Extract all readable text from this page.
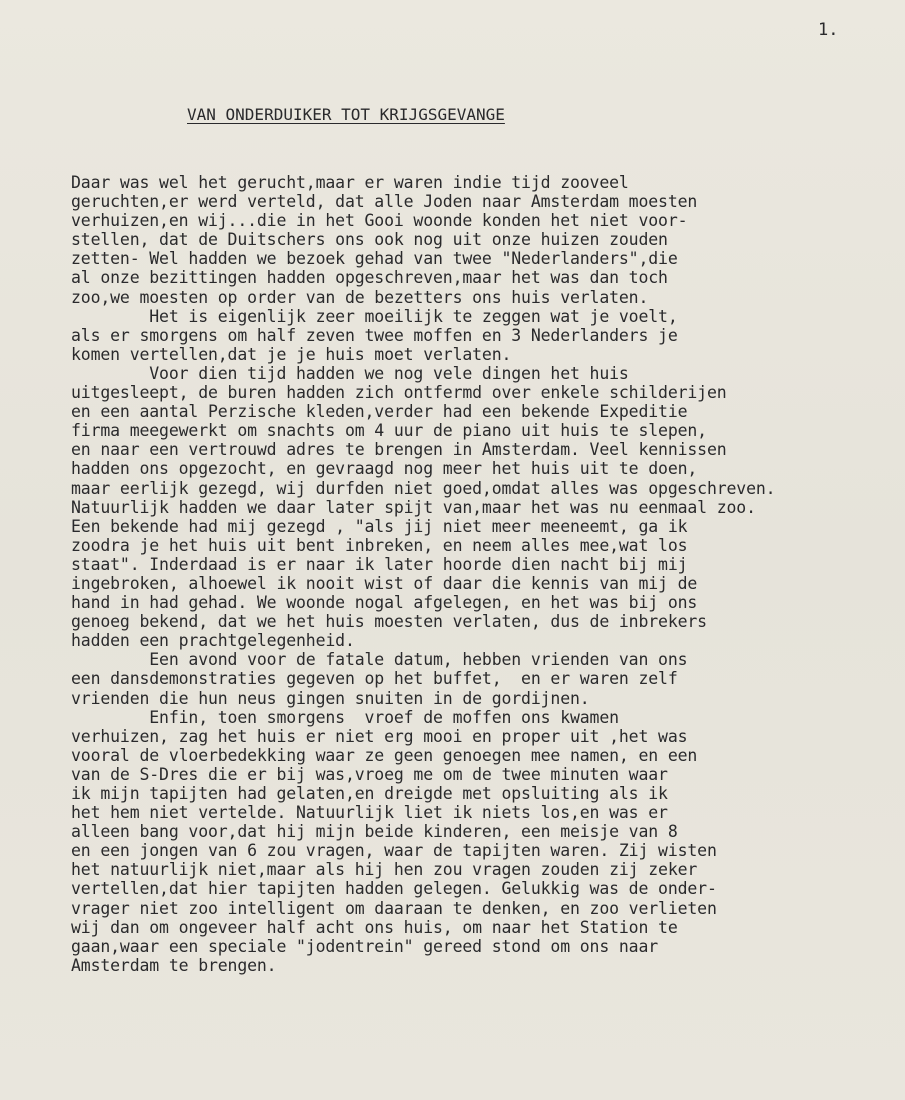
1.
VAN ONDERDUIKER TOT KRIJGSGEVANGE
Daar was wel het gerucht,maar er waren indie tijd zooveel
geruchten,er werd verteld, dat alle Joden naar Amsterdam moesten
verhuizen,en wij...die in het Gooi woonde konden het niet voor-
stellen, dat de Duitschers ons ook nog uit onze huizen zouden
zetten- Wel hadden we bezoek gehad van twee "Nederlanders",die
al onze bezittingen hadden opgeschreven,maar het was dan toch
zoo,we moesten op order van de bezetters ons huis verlaten.
Het is eigenlijk zeer moeilijk te zeggen wat je voelt,
als er smorgens om half zeven twee moffen en 3 Nederlanders je
komen vertellen,dat je je huis moet verlaten.
Voor dien tijd hadden we nog vele dingen het huis
uitgesleept, de buren hadden zich ontfermd over enkele schilderijen
en een aantal Perzische kleden,verder had een bekende Expeditie
firma meegewerkt om snachts om 4 uur de piano uit huis te slepen,
en naar een vertrouwd adres te brengen in Amsterdam. Veel kennissen
hadden ons opgezocht, en gevraagd nog meer het huis uit te doen,
maar eerlijk gezegd, wij durfden niet goed,omdat alles was opgeschreven.
Natuurlijk hadden we daar later spijt van,maar het was nu eenmaal zoo.
Een bekende had mij gezegd , "als jij niet meer meeneemt, ga ik
zoodra je het huis uit bent inbreken, en neem alles mee,wat los
staat". Inderdaad is er naar ik later hoorde dien nacht bij mij
ingebroken, alhoewel ik nooit wist of daar die kennis van mij de
hand in had gehad. We woonde nogal afgelegen, en het was bij ons
genoeg bekend, dat we het huis moesten verlaten, dus de inbrekers
hadden een prachtgelegenheid.
Een avond voor de fatale datum, hebben vrienden van ons
een dansdemonstraties gegeven op het buffet,  en er waren zelf
vrienden die hun neus gingen snuiten in de gordijnen.
Enfin, toen smorgens  vroef de moffen ons kwamen
verhuizen, zag het huis er niet erg mooi en proper uit ,het was
vooral de vloerbedekking waar ze geen genoegen mee namen, en een
van de S-Dres die er bij was,vroeg me om de twee minuten waar
ik mijn tapijten had gelaten,en dreigde met opsluiting als ik
het hem niet vertelde. Natuurlijk liet ik niets los,en was er
alleen bang voor,dat hij mijn beide kinderen, een meisje van 8
en een jongen van 6 zou vragen, waar de tapijten waren. Zij wisten
het natuurlijk niet,maar als hij hen zou vragen zouden zij zeker
vertellen,dat hier tapijten hadden gelegen. Gelukkig was de onder-
vrager niet zoo intelligent om daaraan te denken, en zoo verlieten
wij dan om ongeveer half acht ons huis, om naar het Station te
gaan,waar een speciale "jodentrein" gereed stond om ons naar
Amsterdam te brengen.
